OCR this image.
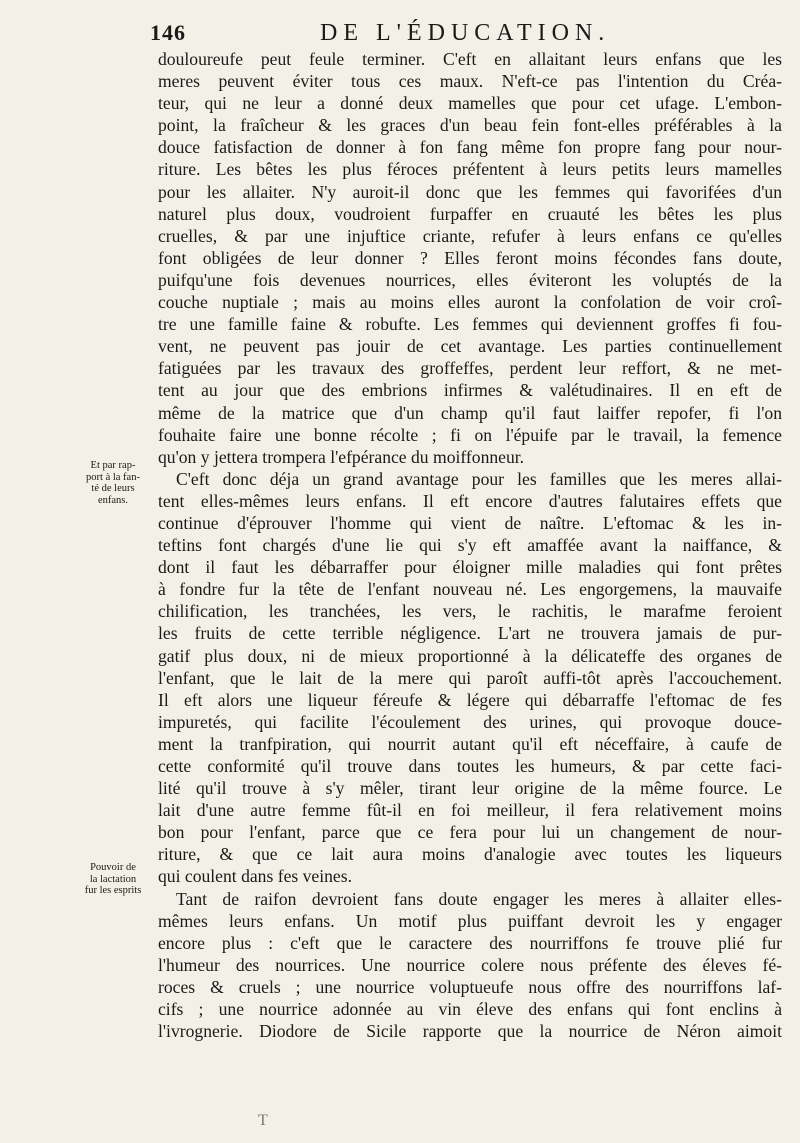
146	DE L'ÉDUCATION.
Et par rap-
port à la fan-
té de leurs
enfans.
Pouvoir de
la lactation
fur les esprits
douloureufe peut feule terminer. C'eft en allaitant leurs enfans que les
meres peuvent éviter tous ces maux. N'eft-ce pas l'intention du Créa-
teur, qui ne leur a donné deux mamelles que pour cet ufage. L'embon-
point, la fraîcheur & les graces d'un beau fein font-elles préférables à la
douce fatisfaction de donner à fon fang même fon propre fang pour nour-
riture. Les bêtes les plus féroces préfentent à leurs petits leurs mamelles
pour les allaiter. N'y auroit-il donc que les femmes qui favorifées d'un
naturel plus doux, voudroient furpaffer en cruauté les bêtes les plus
cruelles, & par une injuftice criante, refufer à leurs enfans ce qu'elles
font obligées de leur donner ? Elles feront moins fécondes fans doute,
puifqu'une fois devenues nourrices, elles éviteront les voluptés de la
couche nuptiale ; mais au moins elles auront la confolation de voir croî-
tre une famille faine & robufte. Les femmes qui deviennent groffes fi fou-
vent, ne peuvent pas jouir de cet avantage. Les parties continuellement
fatiguées par les travaux des groffeffes, perdent leur reffort, & ne met-
tent au jour que des embrions infirmes & valétudinaires. Il en eft de
même de la matrice que d'un champ qu'il faut laiffer repofer, fi l'on
fouhaite faire une bonne récolte ; fi on l'épuife par le travail, la femence
qu'on y jettera trompera l'efpérance du moiffonneur.
C'eft donc déja un grand avantage pour les familles que les meres allai-
tent elles-mêmes leurs enfans. Il eft encore d'autres falutaires effets que
continue d'éprouver l'homme qui vient de naître. L'eftomac & les in-
teftins font chargés d'une lie qui s'y eft amaffée avant la naiffance, &
dont il faut les débarraffer pour éloigner mille maladies qui font prêtes
à fondre fur la tête de l'enfant nouveau né. Les engorgemens, la mauvaife
chilification, les tranchées, les vers, le rachitis, le marafme feroient
les fruits de cette terrible négligence. L'art ne trouvera jamais de pur-
gatif plus doux, ni de mieux proportionné à la délicateffe des organes de
l'enfant, que le lait de la mere qui paroît auffi-tôt après l'accouchement.
Il eft alors une liqueur féreufe & légere qui débarraffe l'eftomac de fes
impuretés, qui facilite l'écoulement des urines, qui provoque douce-
ment la tranfpiration, qui nourrit autant qu'il eft néceffaire, à caufe de
cette conformité qu'il trouve dans toutes les humeurs, & par cette faci-
lité qu'il trouve à s'y mêler, tirant leur origine de la même fource. Le
lait d'une autre femme fût-il en foi meilleur, il fera relativement moins
bon pour l'enfant, parce que ce fera pour lui un changement de nour-
riture, & que ce lait aura moins d'analogie avec toutes les liqueurs
qui coulent dans fes veines.
Tant de raifon devroient fans doute engager les meres à allaiter elles-
mêmes leurs enfans. Un motif plus puiffant devroit les y engager
encore plus : c'eft que le caractere des nourriffons fe trouve plié fur
l'humeur des nourrices. Une nourrice colere nous préfente des éleves fé-
roces & cruels ; une nourrice voluptueufe nous offre des nourriffons laf-
cifs ; une nourrice adonnée au vin éleve des enfans qui font enclins à
l'ivrognerie. Diodore de Sicile rapporte que la nourrice de Néron aimoit
T
